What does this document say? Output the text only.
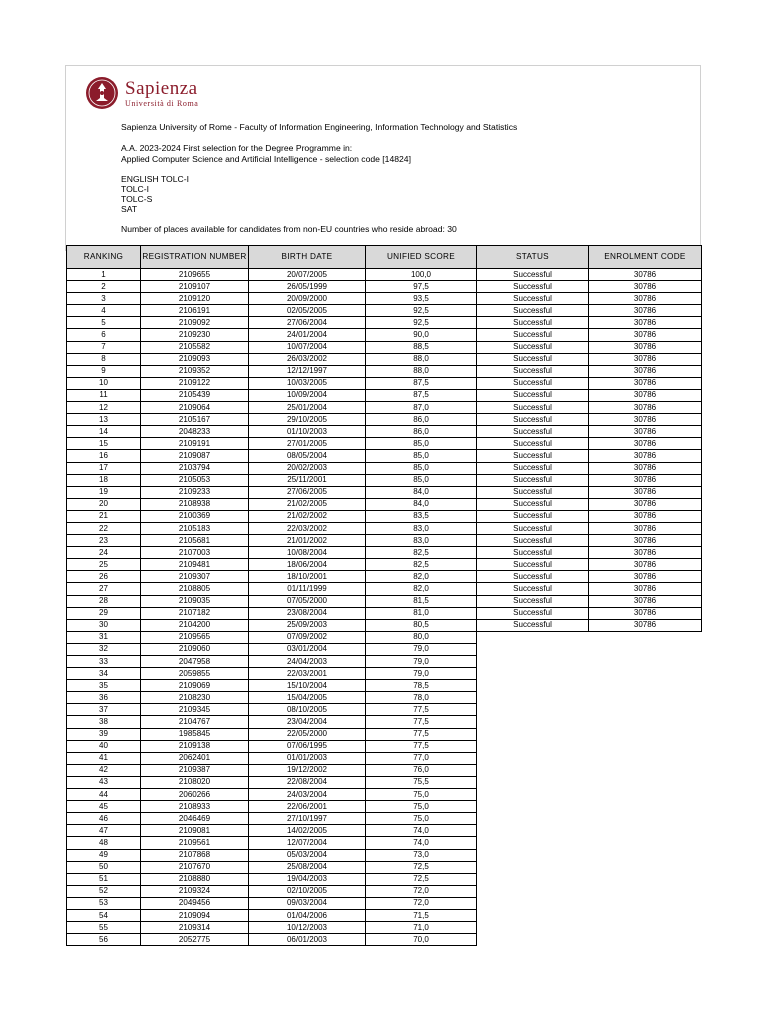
Sapienza
Università di Roma
Sapienza University of Rome - Faculty of Information Engineering, Information Technology and Statistics
A.A. 2023-2024 First selection for the Degree Programme in:
Applied Computer Science and Artificial Intelligence - selection code [14824]
ENGLISH TOLC-I
TOLC-I
TOLC-S
SAT
Number of places available for candidates from non-EU countries who reside abroad: 30
RANKING	REGISTRATION NUMBER	BIRTH DATE	UNIFIED SCORE	STATUS	ENROLMENT CODE
1	2109655	20/07/2005	100,0	Successful	30786
2	2109107	26/05/1999	97,5	Successful	30786
3	2109120	20/09/2000	93,5	Successful	30786
4	2106191	02/05/2005	92,5	Successful	30786
5	2109092	27/06/2004	92,5	Successful	30786
6	2109230	24/01/2004	90,0	Successful	30786
7	2105582	10/07/2004	88,5	Successful	30786
8	2109093	26/03/2002	88,0	Successful	30786
9	2109352	12/12/1997	88,0	Successful	30786
10	2109122	10/03/2005	87,5	Successful	30786
11	2105439	10/09/2004	87,5	Successful	30786
12	2109064	25/01/2004	87,0	Successful	30786
13	2105167	29/10/2005	86,0	Successful	30786
14	2048233	01/10/2003	86,0	Successful	30786
15	2109191	27/01/2005	85,0	Successful	30786
16	2109087	08/05/2004	85,0	Successful	30786
17	2103794	20/02/2003	85,0	Successful	30786
18	2105053	25/11/2001	85,0	Successful	30786
19	2109233	27/06/2005	84,0	Successful	30786
20	2108938	21/02/2005	84,0	Successful	30786
21	2100369	21/02/2002	83,5	Successful	30786
22	2105183	22/03/2002	83,0	Successful	30786
23	2105681	21/01/2002	83,0	Successful	30786
24	2107003	10/08/2004	82,5	Successful	30786
25	2109481	18/06/2004	82,5	Successful	30786
26	2109307	18/10/2001	82,0	Successful	30786
27	2108805	01/11/1999	82,0	Successful	30786
28	2109035	07/05/2000	81,5	Successful	30786
29	2107182	23/08/2004	81,0	Successful	30786
30	2104200	25/09/2003	80,5	Successful	30786
31	2109565	07/09/2002	80,0		
32	2109060	03/01/2004	79,0		
33	2047958	24/04/2003	79,0		
34	2059855	22/03/2001	79,0		
35	2109069	15/10/2004	78,5		
36	2108230	15/04/2005	78,0		
37	2109345	08/10/2005	77,5		
38	2104767	23/04/2004	77,5		
39	1985845	22/05/2000	77,5		
40	2109138	07/06/1995	77,5		
41	2062401	01/01/2003	77,0		
42	2109387	19/12/2002	76,0		
43	2108020	22/08/2004	75,5		
44	2060266	24/03/2004	75,0		
45	2108933	22/06/2001	75,0		
46	2046469	27/10/1997	75,0		
47	2109081	14/02/2005	74,0		
48	2109561	12/07/2004	74,0		
49	2107868	05/03/2004	73,0		
50	2107670	25/08/2004	72,5		
51	2108880	19/04/2003	72,5		
52	2109324	02/10/2005	72,0		
53	2049456	09/03/2004	72,0		
54	2109094	01/04/2006	71,5		
55	2109314	10/12/2003	71,0		
56	2052775	06/01/2003	70,0		
